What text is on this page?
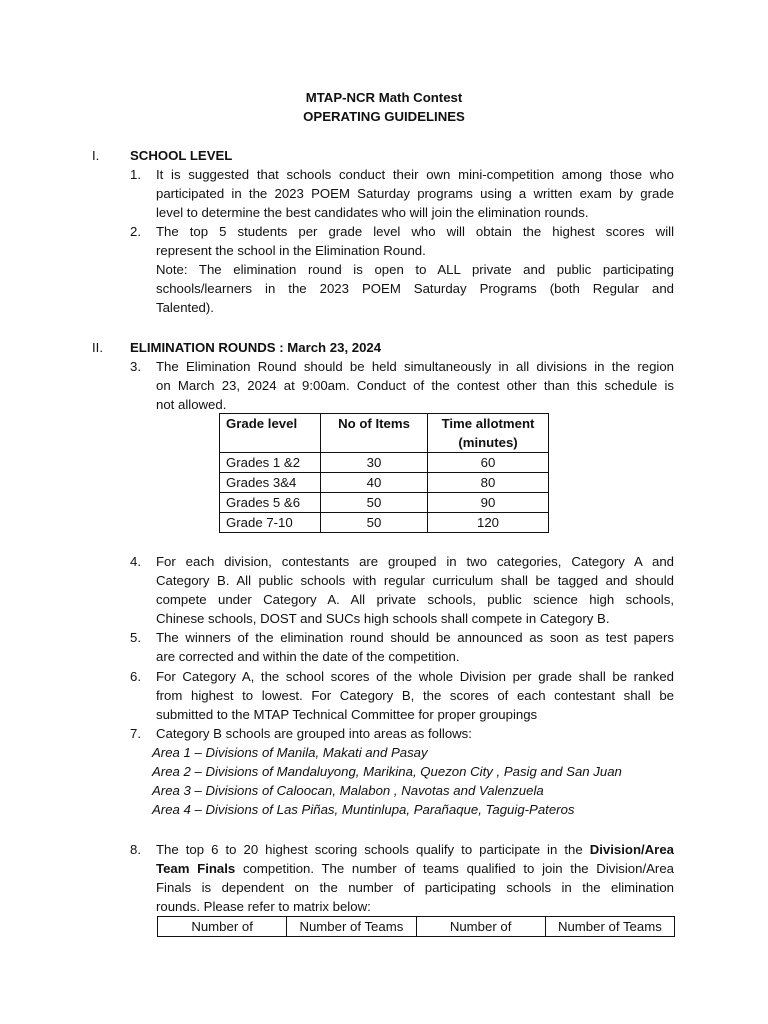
MTAP-NCR Math Contest
OPERATING GUIDELINES
I. SCHOOL LEVEL
1. It is suggested that schools conduct their own mini-competition among those who
participated in the 2023 POEM Saturday programs using a written exam by grade
level to determine the best candidates who will join the elimination rounds.
2. The top 5 students per grade level who will obtain the highest scores will
represent the school in the Elimination Round.
Note: The elimination round is open to ALL private and public participating
schools/learners in the 2023 POEM Saturday Programs (both Regular and
Talented).
II. ELIMINATION ROUNDS : March 23, 2024
3. The Elimination Round should be held simultaneously in all divisions in the region
on March 23, 2024 at 9:00am. Conduct of the contest other than this schedule is
not allowed.
Grade level	No of Items	Time allotment (minutes)
Grades 1 &2	30	60
Grades 3&4	40	80
Grades 5 &6	50	90
Grade 7-10	50	120
4. For each division, contestants are grouped in two categories, Category A and
Category B. All public schools with regular curriculum shall be tagged and should
compete under Category A. All private schools, public science high schools,
Chinese schools, DOST and SUCs high schools shall compete in Category B.
5. The winners of the elimination round should be announced as soon as test papers
are corrected and within the date of the competition.
6. For Category A, the school scores of the whole Division per grade shall be ranked
from highest to lowest. For Category B, the scores of each contestant shall be
submitted to the MTAP Technical Committee for proper groupings
7. Category B schools are grouped into areas as follows:
Area 1 – Divisions of Manila, Makati and Pasay
Area 2 – Divisions of Mandaluyong, Marikina, Quezon City , Pasig and San Juan
Area 3 – Divisions of Caloocan, Malabon , Navotas and Valenzuela
Area 4 – Divisions of Las Piñas, Muntinlupa, Parañaque, Taguig-Pateros
8. The top 6 to 20 highest scoring schools qualify to participate in the Division/Area
Team Finals competition. The number of teams qualified to join the Division/Area
Finals is dependent on the number of participating schools in the elimination
rounds. Please refer to matrix below:
Number of	Number of Teams	Number of	Number of Teams
